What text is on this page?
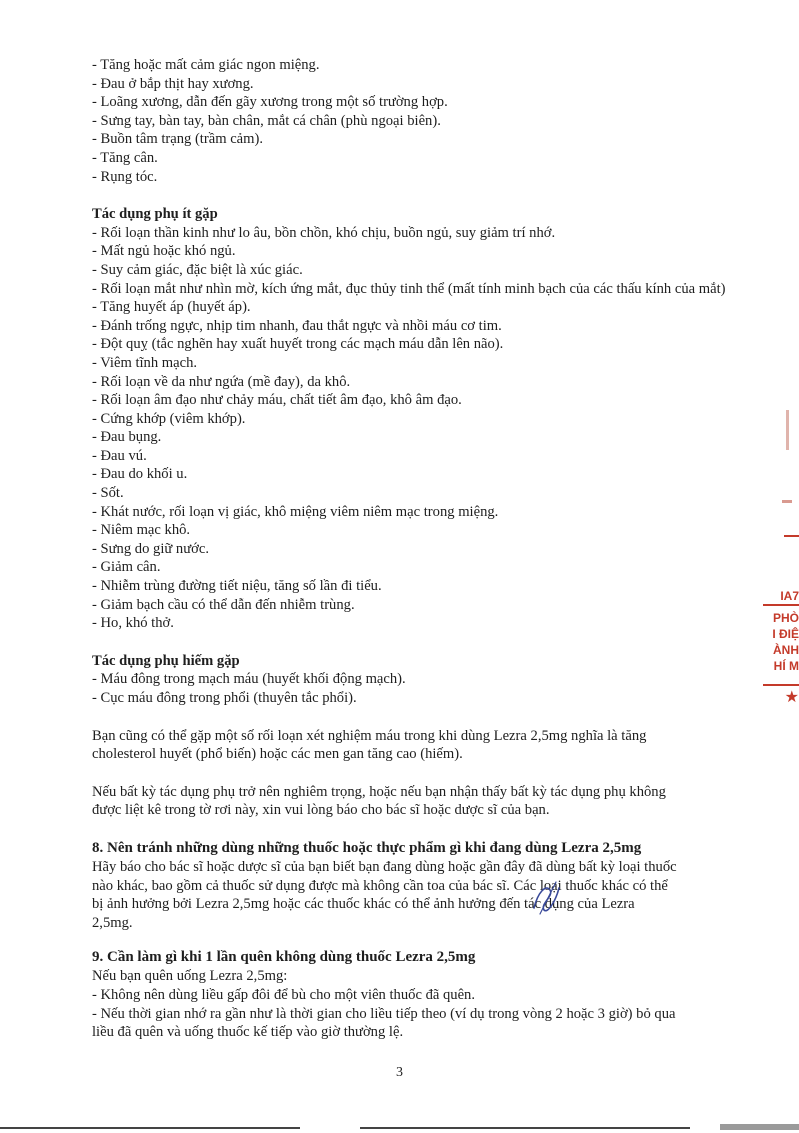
- Tăng hoặc mất cảm giác ngon miệng.
- Đau ở bắp thịt hay xương.
- Loãng xương, dẫn đến gãy xương trong một số trường hợp.
- Sưng tay, bàn tay, bàn chân, mắt cá chân (phù ngoại biên).
- Buồn tâm trạng (trầm cảm).
- Tăng cân.
- Rụng tóc.
Tác dụng phụ ít gặp
- Rối loạn thần kinh như lo âu, bồn chồn, khó chịu, buồn ngủ, suy giảm trí nhớ.
- Mất ngủ hoặc khó ngủ.
- Suy cảm giác, đặc biệt là xúc giác.
- Rối loạn mắt như nhìn mờ, kích ứng mắt, đục thủy tinh thể (mất tính minh bạch của các thấu kính của mắt)
- Tăng huyết áp (huyết áp).
- Đánh trống ngực, nhịp tim nhanh, đau thắt ngực và nhồi máu cơ tim.
- Đột quỵ (tắc nghẽn hay xuất huyết trong các mạch máu dẫn lên não).
- Viêm tĩnh mạch.
- Rối loạn về da như ngứa (mề đay), da khô.
- Rối loạn âm đạo như chảy máu, chất tiết âm đạo, khô âm đạo.
- Cứng khớp (viêm khớp).
- Đau bụng.
- Đau vú.
- Đau do khối u.
- Sốt.
- Khát nước, rối loạn vị giác, khô miệng viêm niêm mạc trong miệng.
- Niêm mạc khô.
- Sưng do giữ nước.
- Giảm cân.
- Nhiễm trùng đường tiết niệu, tăng số lần đi tiểu.
- Giảm bạch cầu có thể dẫn đến nhiễm trùng.
- Ho, khó thở.
Tác dụng phụ hiếm gặp
- Máu đông trong mạch máu (huyết khối động mạch).
- Cục máu đông trong phổi (thuyên tắc phổi).
Bạn cũng có thể gặp một số rối loạn xét nghiệm máu trong khi dùng Lezra 2,5mg nghĩa là tăng
cholesterol huyết (phổ biến) hoặc các men gan tăng cao (hiếm).
Nếu bất kỳ tác dụng phụ trở nên nghiêm trọng, hoặc nếu bạn nhận thấy bất kỳ tác dụng phụ không
được liệt kê trong tờ rơi này, xin vui lòng báo cho bác sĩ hoặc dược sĩ của bạn.
8. Nên tránh những dùng những thuốc hoặc thực phẩm gì khi đang dùng Lezra 2,5mg
Hãy báo cho bác sĩ hoặc dược sĩ của bạn biết bạn đang dùng hoặc gần đây đã dùng bất kỳ loại thuốc
nào khác, bao gồm cả thuốc sử dụng được mà không cần toa của bác sĩ. Các loại thuốc khác có thể
bị ảnh hưởng bởi Lezra 2,5mg hoặc các thuốc khác có thể ảnh hưởng đến tác dụng của Lezra
2,5mg.
9. Cần làm gì khi 1 lần quên không dùng thuốc Lezra 2,5mg
Nếu bạn quên uống Lezra 2,5mg:
- Không nên dùng liều gấp đôi để bù cho một viên thuốc đã quên.
- Nếu thời gian nhớ ra gần như là thời gian cho liều tiếp theo (ví dụ trong vòng 2 hoặc 3 giờ) bỏ qua
liều đã quên và uống thuốc kế tiếp vào giờ thường lệ.
IA7
PHÒ
I ĐIỆ
ÀNH
HÍ M
★
3
